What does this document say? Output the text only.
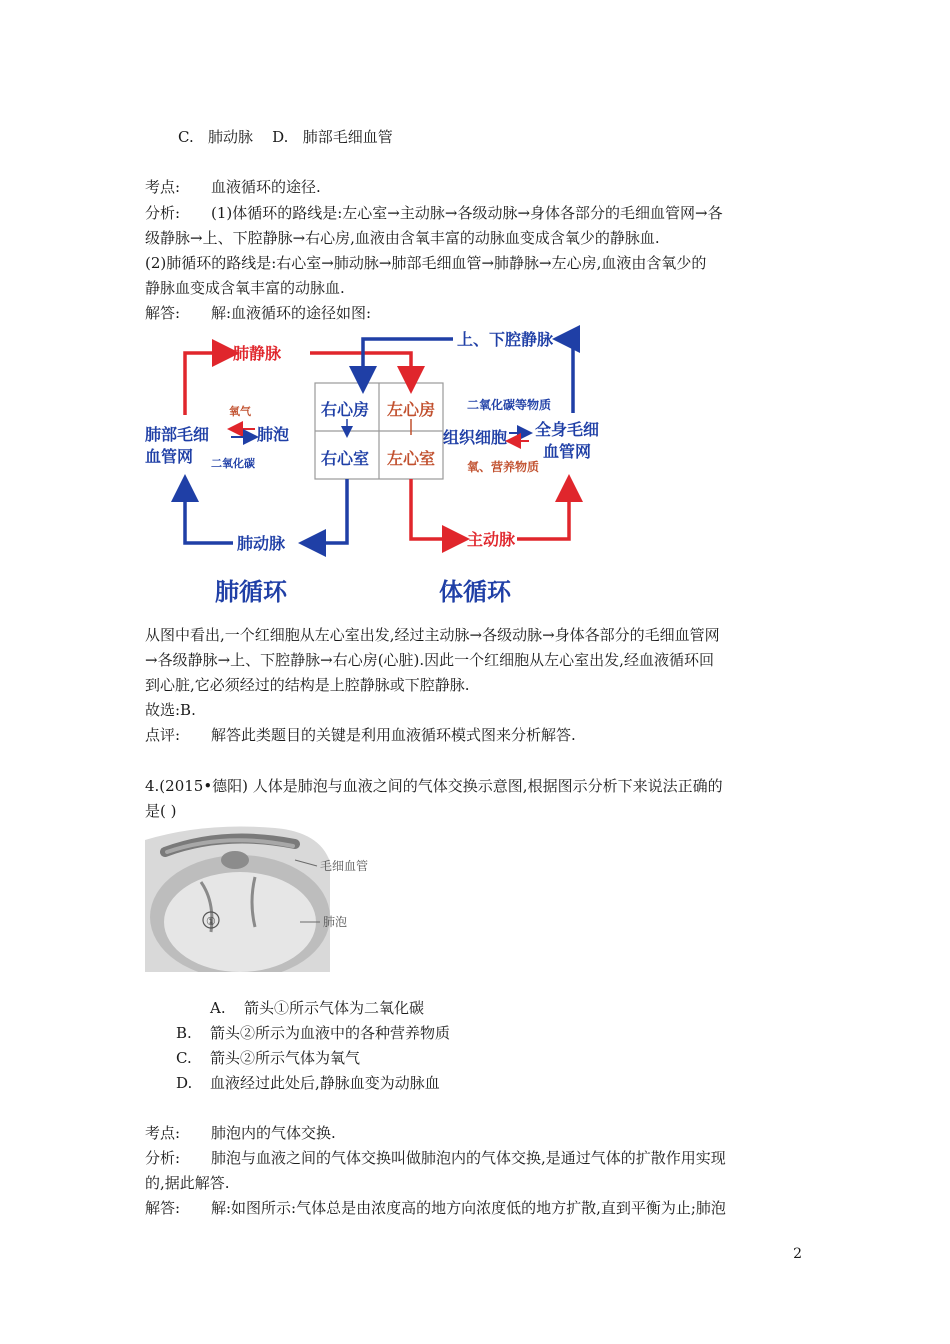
C. 肺动脉 D. 肺部毛细血管
考点: 血液循环的途径.
分析: (1)体循环的路线是:左心室→主动脉→各级动脉→身体各部分的毛细血管网→各
级静脉→上、下腔静脉→右心房,血液由含氧丰富的动脉血变成含氧少的静脉血.
(2)肺循环的路线是:右心室→肺动脉→肺部毛细血管→肺静脉→左心房,血液由含氧少的
静脉血变成含氧丰富的动脉血.
解答: 解:血液循环的途径如图:
右心房 左心房
右心室 左心室
肺静脉
上、下腔静脉
肺部毛细
血管网
氧气
肺泡
二氧化碳
二氧化碳等物质
组织细胞 全身毛细
血管网
氧、营养物质
肺动脉	主动脉
肺循环	体循环
从图中看出,一个红细胞从左心室出发,经过主动脉→各级动脉→身体各部分的毛细血管网
→各级静脉→上、下腔静脉→右心房(心脏).因此一个红细胞从左心室出发,经血液循环回
到心脏,它必须经过的结构是上腔静脉或下腔静脉.
故选:B.
点评: 解答此类题目的关键是利用血液循环模式图来分析解答.
4.(2015•德阳) 人体是肺泡与血液之间的气体交换示意图,根据图示分析下来说法正确的
是( )
①
毛细血管
肺泡
A. 箭头①所示气体为二氧化碳
B. 箭头②所示为血液中的各种营养物质
C. 箭头②所示气体为氧气
D. 血液经过此处后,静脉血变为动脉血
考点: 肺泡内的气体交换.
分析: 肺泡与血液之间的气体交换叫做肺泡内的气体交换,是通过气体的扩散作用实现
的,据此解答.
解答: 解:如图所示:气体总是由浓度高的地方向浓度低的地方扩散,直到平衡为止;肺泡
2
